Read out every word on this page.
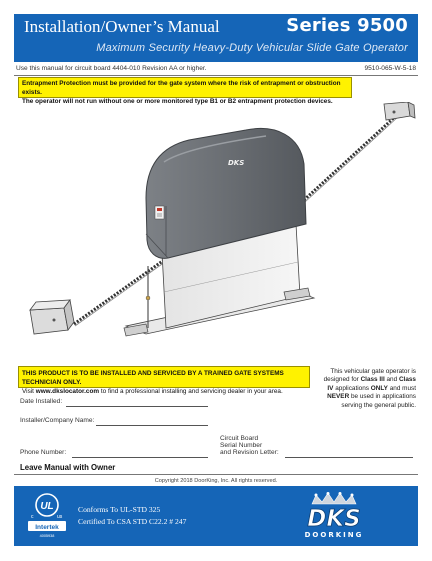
Installation/Owner’s Manual	Series 9500
Maximum Security Heavy-Duty Vehicular Slide Gate Operator
Use this manual for circuit board 4404-010 Revision AA or higher.	9510-065-W-5-18
Entrapment Protection must be provided for the gate system where the risk of entrapment or obstruction exists.
The operator will not run without one or more monitored type B1 or B2 entrapment protection devices.
DKS
THIS PRODUCT IS TO BE INSTALLED AND SERVICED BY A TRAINED GATE SYSTEMS TECHNICIAN ONLY.
Visit www.dkslocator.com to find a professional installing and servicing dealer in your area.
This vehicular gate operator is designed for Class III and Class IV applications ONLY and must NEVER be used in applications serving the general public.
Date Installed:
Installer/Company Name:
Phone Number:
Circuit Board
Serial Number
and Revision Letter:
Leave Manual with Owner
Copyright 2018 DoorKing, Inc. All rights reserved.
UL
c	us
Intertek
4005938
Conforms To UL-STD 325
Certified To CSA STD C22.2 # 247	DKS
DOORKING
